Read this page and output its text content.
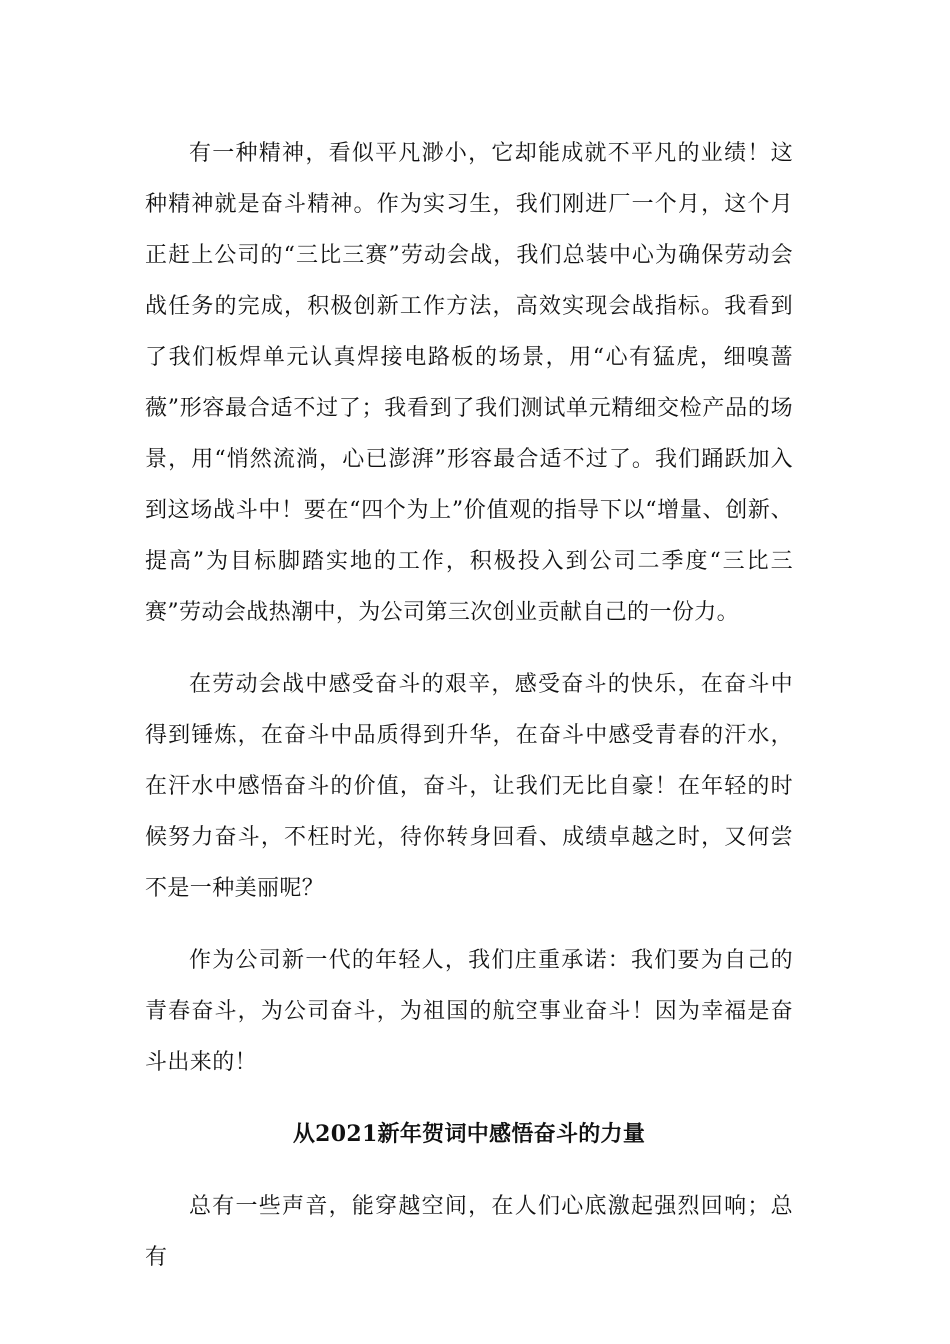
有一种精神，看似平凡渺小，它却能成就不平凡的业绩！这种精神就是奋斗精神。作为实习生，我们刚进厂一个月，这个月正赶上公司的“三比三赛”劳动会战，我们总装中心为确保劳动会战任务的完成，积极创新工作方法，高效实现会战指标。我看到了我们板焊单元认真焊接电路板的场景，用“心有猛虎，细嗅蔷薇”形容最合适不过了；我看到了我们测试单元精细交检产品的场景，用“悄然流淌，心已澎湃”形容最合适不过了。我们踊跃加入到这场战斗中！要在“四个为上”价值观的指导下以“增量、创新、提高”为目标脚踏实地的工作，积极投入到公司二季度“三比三赛”劳动会战热潮中，为公司第三次创业贡献自己的一份力。

在劳动会战中感受奋斗的艰辛，感受奋斗的快乐，在奋斗中得到锤炼，在奋斗中品质得到升华，在奋斗中感受青春的汗水，在汗水中感悟奋斗的价值，奋斗，让我们无比自豪！在年轻的时候努力奋斗，不枉时光，待你转身回看、成绩卓越之时，又何尝不是一种美丽呢？

作为公司新一代的年轻人，我们庄重承诺：我们要为自己的青春奋斗，为公司奋斗，为祖国的航空事业奋斗！因为幸福是奋斗出来的！

从2021新年贺词中感悟奋斗的力量

总有一些声音，能穿越空间，在人们心底激起强烈回响；总有
